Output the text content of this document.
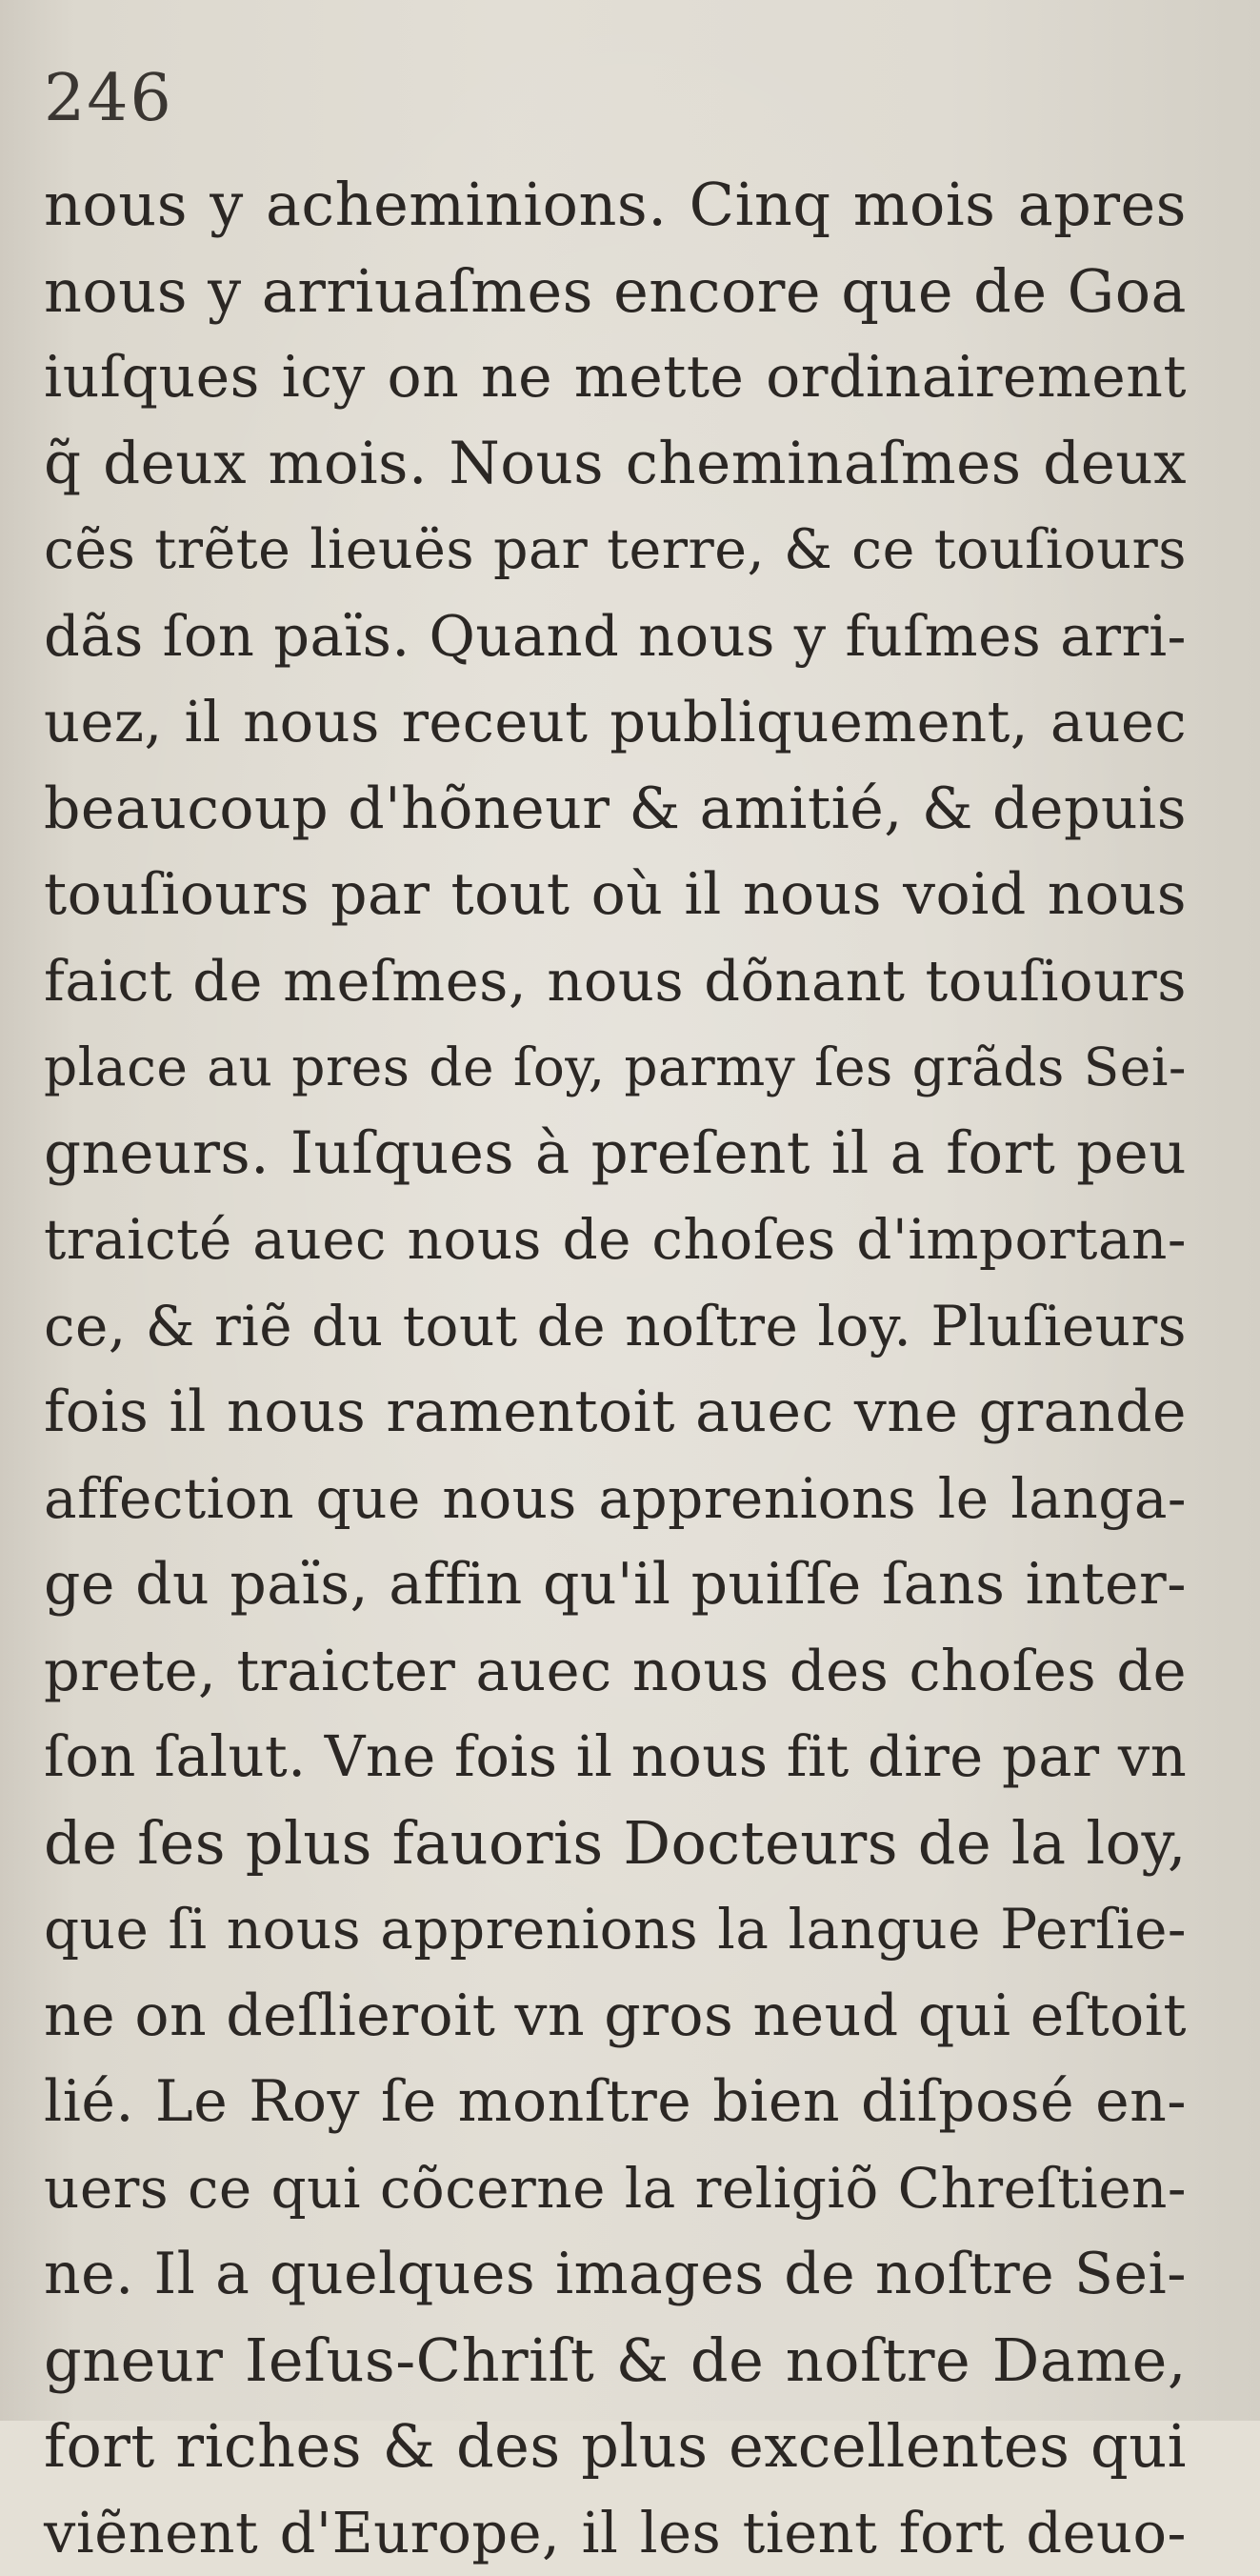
246
nous y acheminions. Cinq mois apres
nous y arriuaſmes encore que de Goa
iuſques icy on ne mette ordinairement
q̃ deux mois. Nous cheminaſmes deux
cẽs trẽte lieuës par terre, & ce touſiours
dãs ſon païs. Quand nous y fuſmes arri-
uez, il nous receut publiquement, auec
beaucoup d'hõneur & amitié, & depuis
touſiours par tout où il nous void nous
faict de meſmes, nous dõnant touſiours
place au pres de ſoy, parmy ſes grãds Sei-
gneurs. Iuſques à preſent il a fort peu
traicté auec nous de choſes d'importan-
ce, & riẽ du tout de noſtre loy. Pluſieurs
fois il nous ramentoit auec vne grande
affection que nous apprenions le langa-
ge du païs, affin qu'il puiſſe ſans inter-
prete, traicter auec nous des choſes de
ſon ſalut. Vne fois il nous fit dire par vn
de ſes plus fauoris Docteurs de la loy,
que ſi nous apprenions la langue Perſie-
ne on deſlieroit vn gros neud qui eſtoit
lié. Le Roy ſe monſtre bien diſposé en-
uers ce qui cõcerne la religiõ Chreſtien-
ne. Il a quelques images de noſtre Sei-
gneur Ieſus-Chriſt & de noſtre Dame,
fort riches & des plus excellentes qui
viẽnent d'Europe, il les tient fort deuo-
